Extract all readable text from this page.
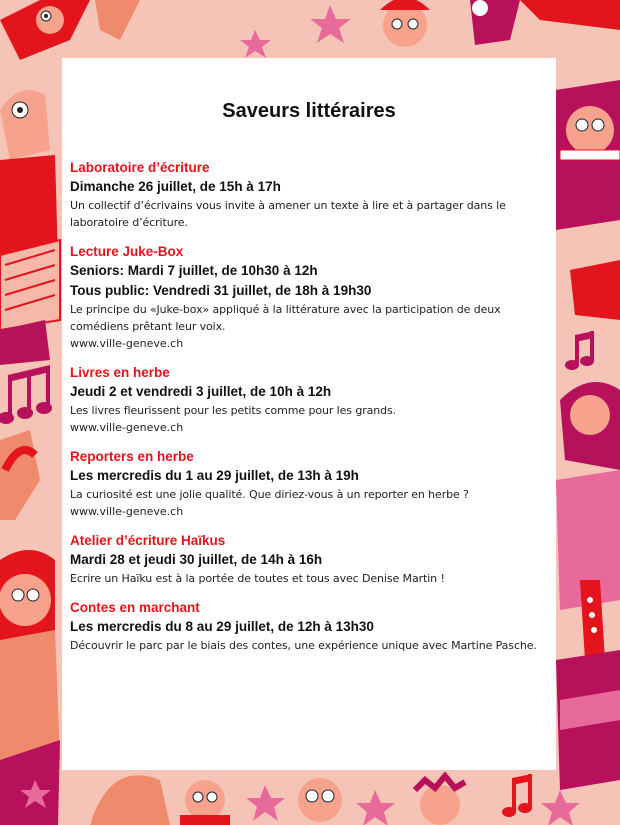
Saveurs littéraires
Laboratoire d’écriture
Dimanche 26 juillet, de 15h à 17h
Un collectif d’écrivains vous invite à amener un texte à lire et à partager dans le laboratoire d’écriture.
Lecture Juke-Box
Seniors: Mardi 7 juillet, de 10h30 à 12h
Tous public: Vendredi 31 juillet, de 18h à 19h30
Le principe du «Juke-box» appliqué à la littérature avec la participation de deux comédiens prêtant leur voix.
www.ville-geneve.ch
Livres en herbe
Jeudi 2 et vendredi 3 juillet, de 10h à 12h
Les livres fleurissent pour les petits comme pour les grands.
www.ville-geneve.ch
Reporters en herbe
Les mercredis du 1 au 29 juillet, de 13h à 19h
La curiosité est une jolie qualité. Que diriez-vous à un reporter en herbe ?
www.ville-geneve.ch
Atelier d’écriture Haïkus
Mardi 28 et jeudi 30 juillet, de 14h à 16h
Ecrire un Haïku est à la portée de toutes et tous avec Denise Martin !
Contes en marchant
Les mercredis du 8 au 29 juillet, de 12h à 13h30
Découvrir le parc par le biais des contes, une expérience unique avec Martine Pasche.
